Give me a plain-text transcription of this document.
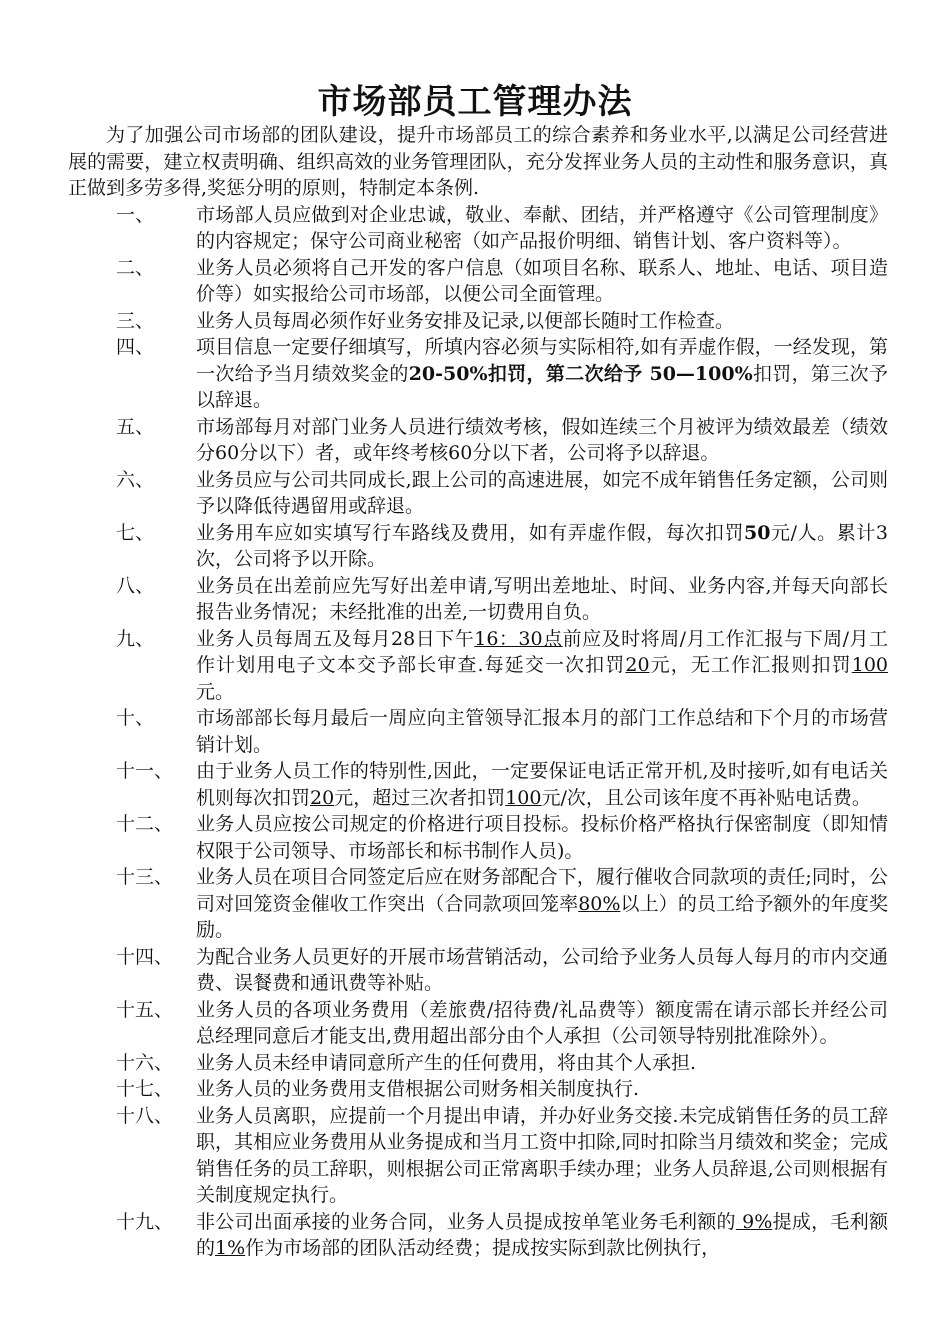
市场部员工管理办法

为了加强公司市场部的团队建设，提升市场部员工的综合素养和务业水平,以满足公司经营进展的需要，建立权责明确、组织高效的业务管理团队，充分发挥业务人员的主动性和服务意识，真正做到多劳多得,奖惩分明的原则，特制定本条例.

一、	市场部人员应做到对企业忠诚，敬业、奉献、团结，并严格遵守《公司管理制度》的内容规定；保守公司商业秘密（如产品报价明细、销售计划、客户资料等）。
二、	业务人员必须将自己开发的客户信息（如项目名称、联系人、地址、电话、项目造价等）如实报给公司市场部，以便公司全面管理。
三、	业务人员每周必须作好业务安排及记录,以便部长随时工作检查。
四、	项目信息一定要仔细填写，所填内容必须与实际相符,如有弄虚作假，一经发现，第一次给予当月绩效奖金的20-50%扣罚，第二次给予 50—100%扣罚，第三次予以辞退。
五、	市场部每月对部门业务人员进行绩效考核，假如连续三个月被评为绩效最差（绩效分60分以下）者，或年终考核60分以下者，公司将予以辞退。
六、	业务员应与公司共同成长,跟上公司的高速进展，如完不成年销售任务定额，公司则予以降低待遇留用或辞退。
七、	业务用车应如实填写行车路线及费用，如有弄虚作假，每次扣罚50元/人。累计3次，公司将予以开除。
八、	业务员在出差前应先写好出差申请,写明出差地址、时间、业务内容,并每天向部长报告业务情况；未经批准的出差,一切费用自负。
九、	业务人员每周五及每月28日下午16：30点前应及时将周/月工作汇报与下周/月工作计划用电子文本交予部长审查.每延交一次扣罚20元，无工作汇报则扣罚100元。
十、	市场部部长每月最后一周应向主管领导汇报本月的部门工作总结和下个月的市场营销计划。
十一、	由于业务人员工作的特别性,因此，一定要保证电话正常开机,及时接听,如有电话关机则每次扣罚20元，超过三次者扣罚100元/次，且公司该年度不再补贴电话费。
十二、	业务人员应按公司规定的价格进行项目投标。投标价格严格执行保密制度（即知情权限于公司领导、市场部长和标书制作人员)。
十三、	业务人员在项目合同签定后应在财务部配合下，履行催收合同款项的责任;同时，公司对回笼资金催收工作突出（合同款项回笼率80%以上）的员工给予额外的年度奖励。
十四、	为配合业务人员更好的开展市场营销活动，公司给予业务人员每人每月的市内交通费、误餐费和通讯费等补贴。
十五、	业务人员的各项业务费用（差旅费/招待费/礼品费等）额度需在请示部长并经公司总经理同意后才能支出,费用超出部分由个人承担（公司领导特别批准除外）。
十六、	业务人员未经申请同意所产生的任何费用，将由其个人承担.
十七、	业务人员的业务费用支借根据公司财务相关制度执行.
十八、	业务人员离职，应提前一个月提出申请，并办好业务交接.未完成销售任务的员工辞职，其相应业务费用从业务提成和当月工资中扣除,同时扣除当月绩效和奖金；完成销售任务的员工辞职，则根据公司正常离职手续办理；业务人员辞退,公司则根据有关制度规定执行。
十九、	非公司出面承接的业务合同，业务人员提成按单笔业务毛利额的 9%提成，毛利额的1%作为市场部的团队活动经费；提成按实际到款比例执行，
